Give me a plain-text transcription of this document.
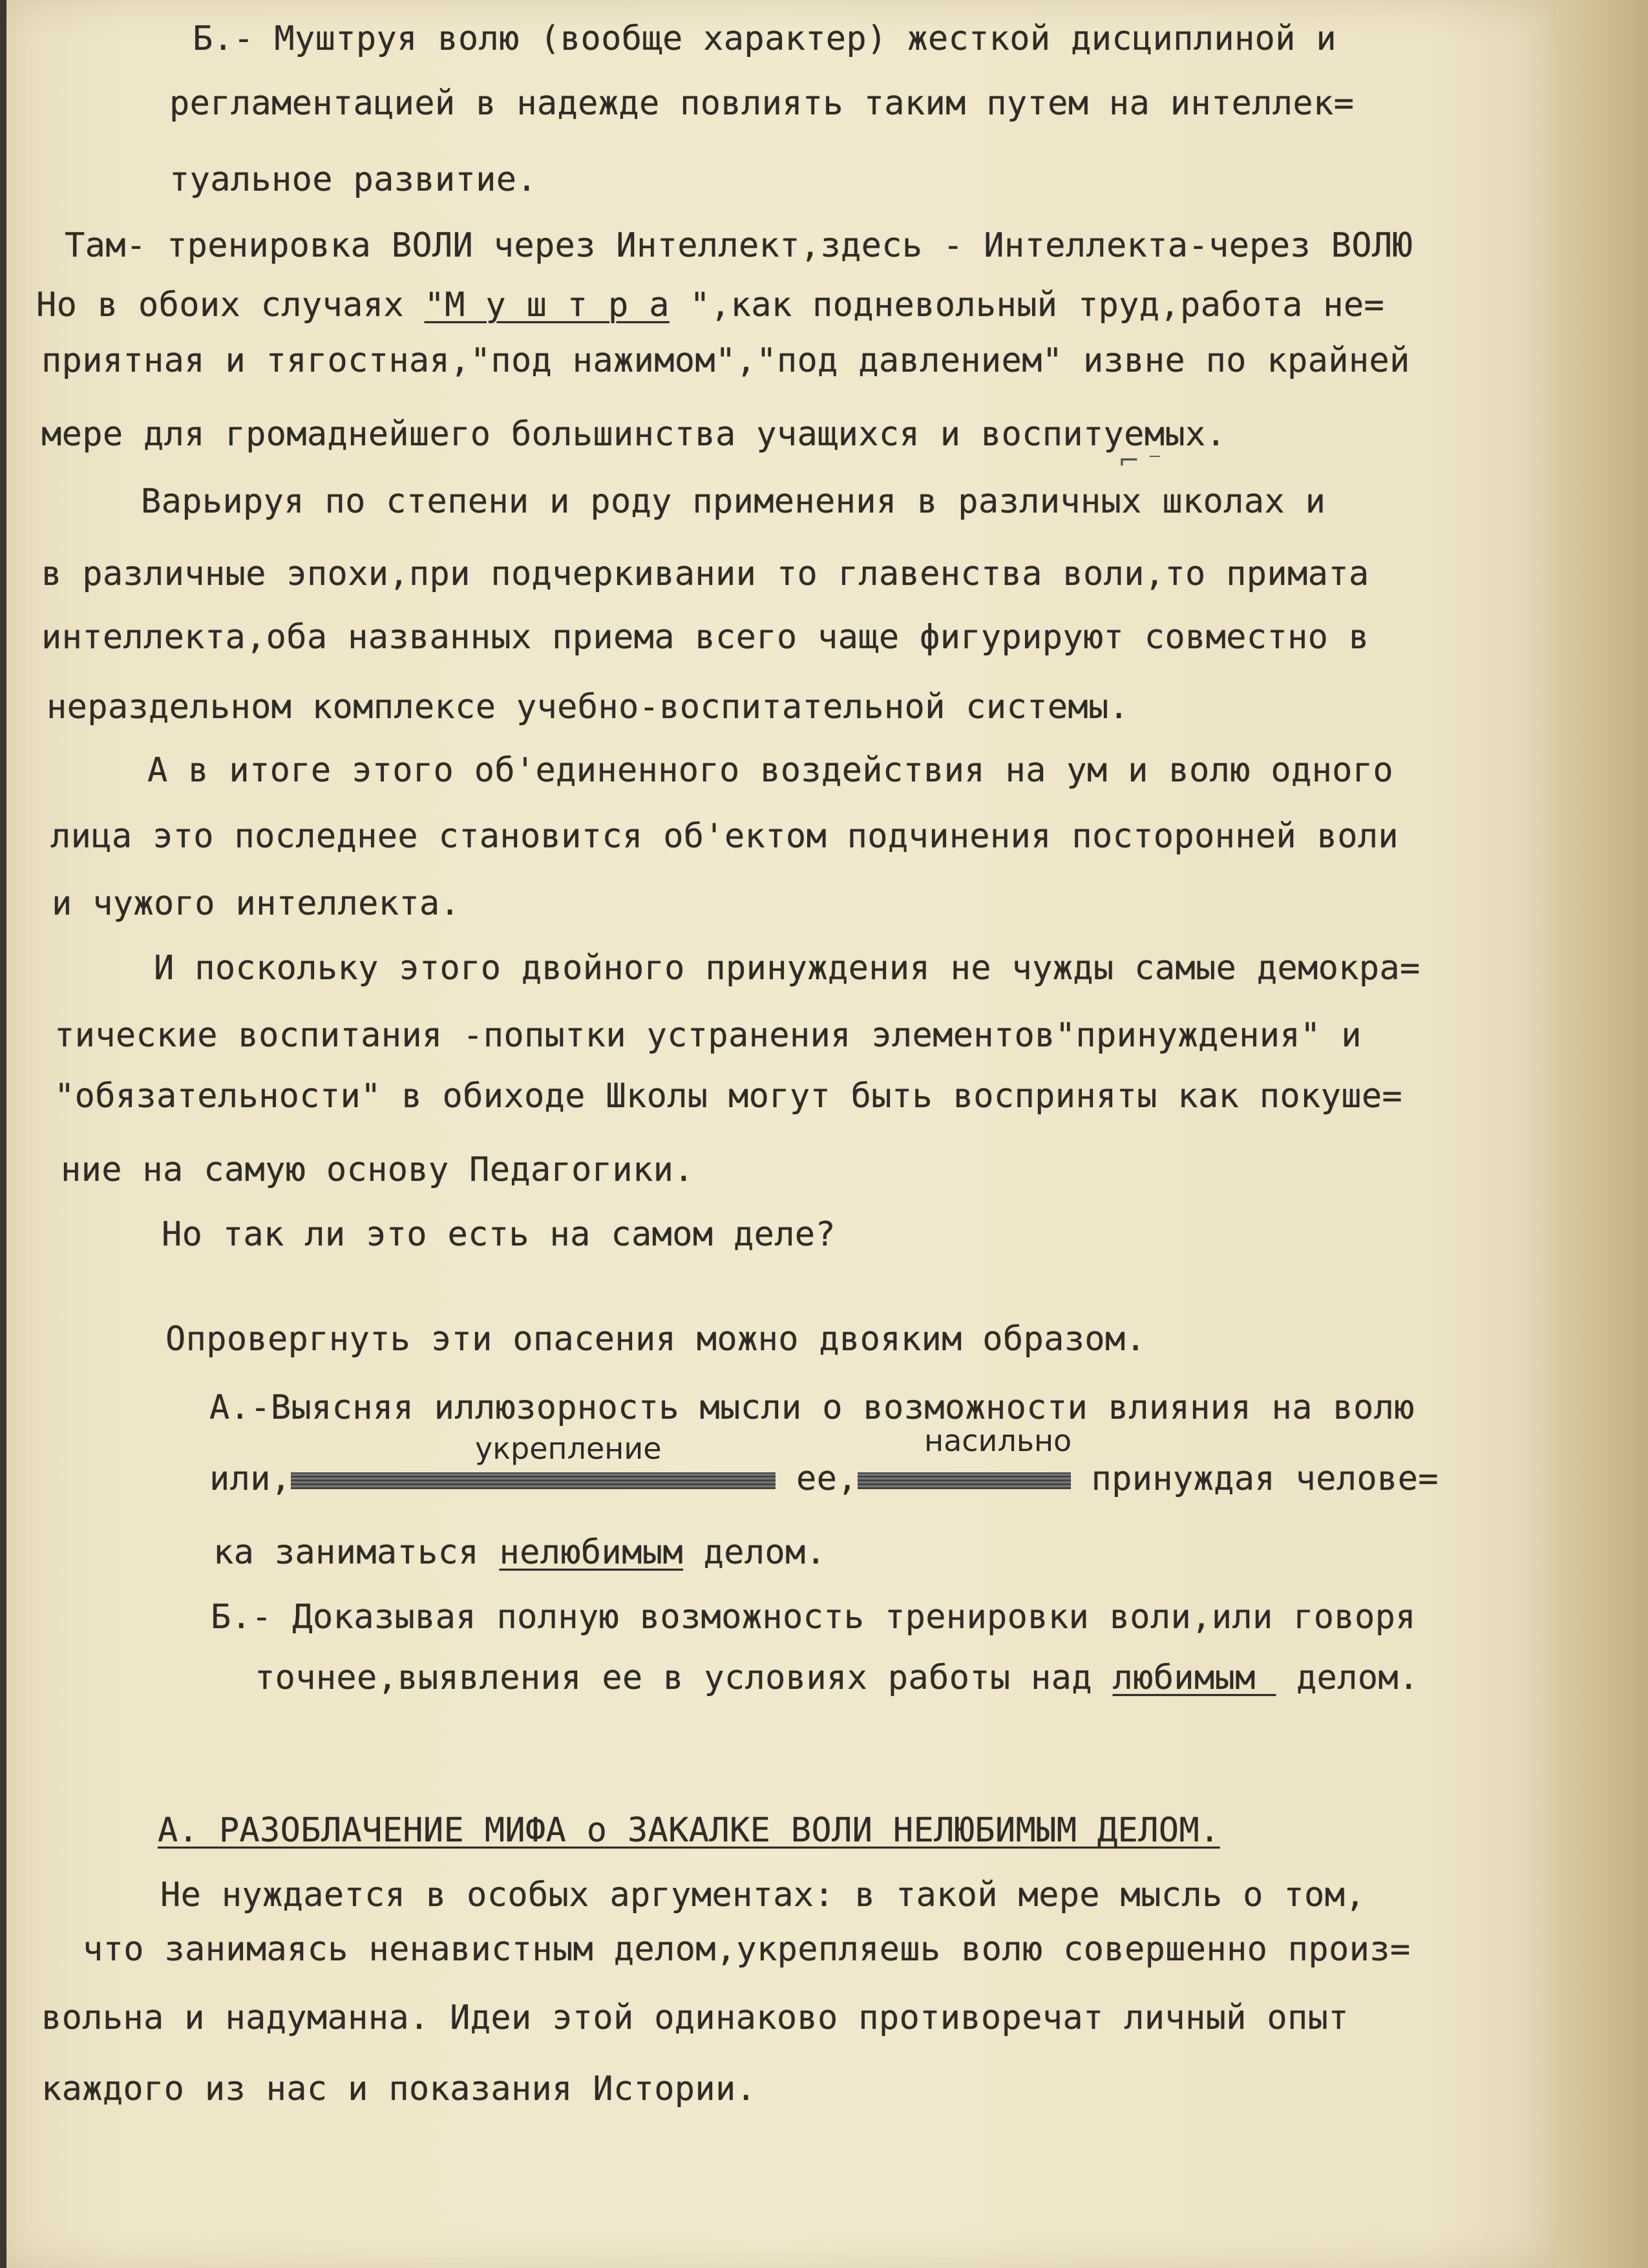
Б.- Муштруя волю (вообще характер) жесткой дисциплиной и
регламентацией в надежде повлиять таким путем на интеллек=
туальное развитие.
Там- тренировка ВОЛИ через Интеллект,здесь - Интеллекта-через ВОЛЮ
Но в обоих случаях "М у ш т р а ",как подневольный труд,работа не=
приятная и тягостная,"под нажимом","под давлением" извне по крайней
мере для громаднейшего большинства учащихся и воспитуемых.
⌐ ⁻
Варьируя по степени и роду применения в различных школах и
в различные эпохи,при подчеркивании то главенства воли,то примата
интеллекта,оба названных приема всего чаще фигурируют совместно в
нераздельном комплексе учебно-воспитательной системы.
А в итоге этого об'единенного воздействия на ум и волю одного
лица это последнее становится об'ектом подчинения посторонней воли
и чужого интеллекта.
И поскольку этого двойного принуждения не чужды самые демокра=
тические воспитания -попытки устранения элементов"принуждения" и
"обязательности" в обиходе Школы могут быть восприняты как покуше=
ние на самую основу Педагогики.
Но так ли это есть на самом деле?
Опровергнуть эти опасения можно двояким образом.
А.-Выясняя иллюзорность мысли о возможности влияния на волю
укрепление	насильно
или,	ее,	принуждая челове=
ка заниматься нелюбимым делом.
Б.- Доказывая полную возможность тренировки воли,или говоря
точнее,выявления ее в условиях работы над любимым  делом.
А. РАЗОБЛАЧЕНИЕ МИФА о ЗАКАЛКЕ ВОЛИ НЕЛЮБИМЫМ ДЕЛОМ.
Не нуждается в особых аргументах: в такой мере мысль о том,
что занимаясь ненавистным делом,укрепляешь волю совершенно произ=
вольна и надуманна. Идеи этой одинаково противоречат личный опыт
каждого из нас и показания Истории.
